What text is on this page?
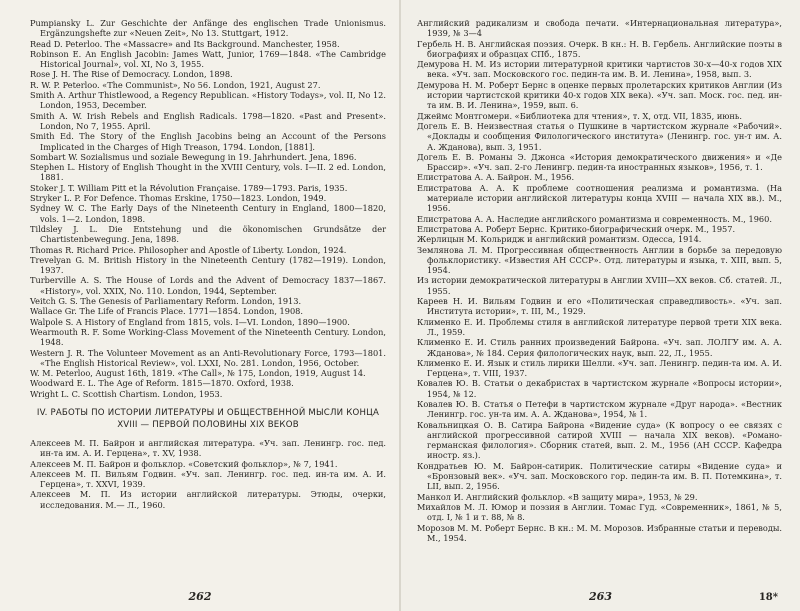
Pumpiansky L. Zur Geschichte der Anfänge des englischen Trade Unionismus. Ergänzungshefte zur «Neuen Zeit», No 13. Stuttgart, 1912.
Read D. Peterloo. The «Massacre» and Its Background. Manchester, 1958.
Robinson E. An English Jacobin: James Watt, Junior, 1769—1848. «The Cambridge Historical Journal», vol. XI, No 3, 1955.
Rose J. H. The Rise of Democracy. London, 1898.
R. W. P. Peterloo. «The Communist», No 56. London, 1921, August 27.
Smith A. Arthur Thistlewood, a Regency Republican. «History Todays», vol. II, No 12. London, 1953, December.
Smith A. W. Irish Rebels and English Radicals. 1798—1820. «Past and Present». London, No 7, 1955. April.
Smith Ed. The Story of the English Jacobins being an Account of the Persons Implicated in the Charges of High Treason, 1794. London, [1881].
Sombart W. Sozialismus und soziale Bewegung in 19. Jahrhundert. Jena, 1896.
Stephen L. History of English Thought in the XVIII Century, vols. I—II. 2 ed. London, 1881.
Stoker J. T. William Pitt et la Révolution Française. 1789—1793. Paris, 1935.
Stryker L. P. For Defence. Thomas Erskine, 1750—1823. London, 1949.
Sydney W. C. The Early Days of the Nineteenth Century in England, 1800—1820, vols. 1—2. London, 1898.
Tildsley J. L. Die Entstehung und die ökonomischen Grundsätze der Chartistenbewegung. Jena, 1898.
Thomas R. Richard Price. Philosopher and Apostle of Liberty. London, 1924.
Trevelyan G. M. British History in the Nineteenth Century (1782—1919). London, 1937.
Turberville A. S. The House of Lords and the Advent of Democracy 1837—1867. «History», vol. XXIX, No. 110. London, 1944, September.
Veitch G. S. The Genesis of Parliamentary Reform. London, 1913.
Wallace Gr. The Life of Francis Place. 1771—1854. London, 1908.
Walpole S. A History of England from 1815, vols. I—VI. London, 1890—1900.
Wearmouth R. F. Some Working-Class Movement of the Nineteenth Century. London, 1948.
Western J. R. The Volunteer Movement as an Anti-Revolutionary Force, 1793—1801. «The English Historical Review», vol. LXXI, No. 281. London, 1956, October.
W. M. Peterloo, August 16th, 1819. «The Call», № 175, London, 1919, August 14.
Woodward E. L. The Age of Reform. 1815—1870. Oxford, 1938.
Wright L. C. Scottish Chartism. London, 1953.
IV. РАБОТЫ ПО ИСТОРИИ ЛИТЕРАТУРЫ И ОБЩЕСТВЕННОЙ МЫСЛИ КОНЦА XVIII — ПЕРВОЙ ПОЛОВИНЫ XIX ВЕКОВ
Алексеев М. П. Байрон и английская литература. «Уч. зап. Ленингр. гос. пед. ин-та им. А. И. Герцена», т. XV, 1938.
Алексеев М. П. Байрон и фольклор. «Советский фольклор», № 7, 1941.
Алексеев М. П. Вильям Годвин. «Уч. зап. Ленингр. гос. пед. ин-та им. А. И. Герцена», т. XXVI, 1939.
Алексеев М. П. Из истории английской литературы. Этюды, очерки, исследования. М.— Л., 1960.
262
Английский радикализм и свобода печати. «Интернациональная литература», 1939, № 3—4
Гербель Н. В. Английская поэзия. Очерк. В кн.: Н. В. Гербель. Английские поэты в биографиях и образцах СПб., 1875.
Демурова Н. М. Из истории литературной критики чартистов 30-х—40-х годов XIX века. «Уч. зап. Московского гос. педин-та им. В. И. Ленина», 1958, вып. 3.
Демурова Н. М. Роберт Бернс в оценке первых пролетарских критиков Англии (Из истории чартистской критики 40-х годов XIX века). «Уч. зап. Моск. гос. пед. ин-та им. В. И. Ленина», 1959, вып. 6.
Джеймс Монтгомери. «Библиотека для чтения», т. Х, отд. VII, 1835, июнь.
Догель Е. В. Неизвестная статья о Пушкине в чартистском журнале «Рабочий». «Доклады и сообщения Филологического института» (Ленингр. гос. ун-т им. А. А. Жданова), вып. 3, 1951.
Догель Е. В. Романы Э. Джонса «История демократического движения» и «Де Брассир». «Уч. зап. 2-го Ленингр. педин-та иностранных языков», 1956, т. 1.
Елистратова А. А. Байрон. М., 1956.
Елистратова А. А. К проблеме соотношения реализма и романтизма. (На материале истории английской литературы конца XVIII — начала XIX вв.). М., 1956.
Елистратова А. А. Наследие английского романтизма и современность. М., 1960.
Елистратова А. Роберт Бернс. Критико-биографический очерк. М., 1957.
Жерлицын М. Кольридж и английский романтизм. Одесса, 1914.
Землянова Л. М. Прогрессивная общественность Англии в борьбе за передовую фольклористику. «Известия АН СССР». Отд. литературы и языка, т. XIII, вып. 5, 1954.
Из истории демократической литературы в Англии XVIII—XX веков. Сб. статей. Л., 1955.
Кареев Н. И. Вильям Годвин и его «Политическая справедливость». «Уч. зап. Института истории», т. III, М., 1929.
Клименко Е. И. Проблемы стиля в английской литературе первой трети XIX века. Л., 1959.
Клименко Е. И. Стиль ранних произведений Байрона. «Уч. зап. ЛОЛГУ им. А. А. Жданова», № 184. Серия филологических наук, вып. 22, Л., 1955.
Клименко Е. И. Язык и стиль лирики Шелли. «Уч. зап. Ленингр. педин-та им. А. И. Герцена», т. VIII, 1937.
Ковалев Ю. В. Статьи о декабристах в чартистском журнале «Вопросы истории», 1954, № 12.
Ковалев Ю. В. Статья о Петефи в чартистском журнале «Друг народа». «Вестник Ленингр. гос. ун-та им. А. А. Жданова», 1954, № 1.
Ковальницкая О. В. Сатира Байрона «Видение суда» (К вопросу о ее связях с английской прогрессивной сатирой XVIII — начала XIX веков). «Романо-германская филология». Сборник статей, вып. 2. М., 1956 (АН СССР. Кафедра иностр. яз.).
Кондратьев Ю. М. Байрон-сатирик. Политические сатиры «Видение суда» и «Бронзовый век». «Уч. зап. Московского гор. педин-та им. В. П. Потемкина», т. LII, вып. 2, 1956.
Манкол И. Английский фольклор. «В защиту мира», 1953, № 29.
Михайлов М. Л. Юмор и поэзия в Англии. Томас Гуд. «Современник», 1861, № 5, отд. I, № 1 и т. 88, № 8.
Морозов М. М. Роберт Бернс. В кн.: М. М. Морозов. Избранные статьи и переводы. М., 1954.
263	18*
